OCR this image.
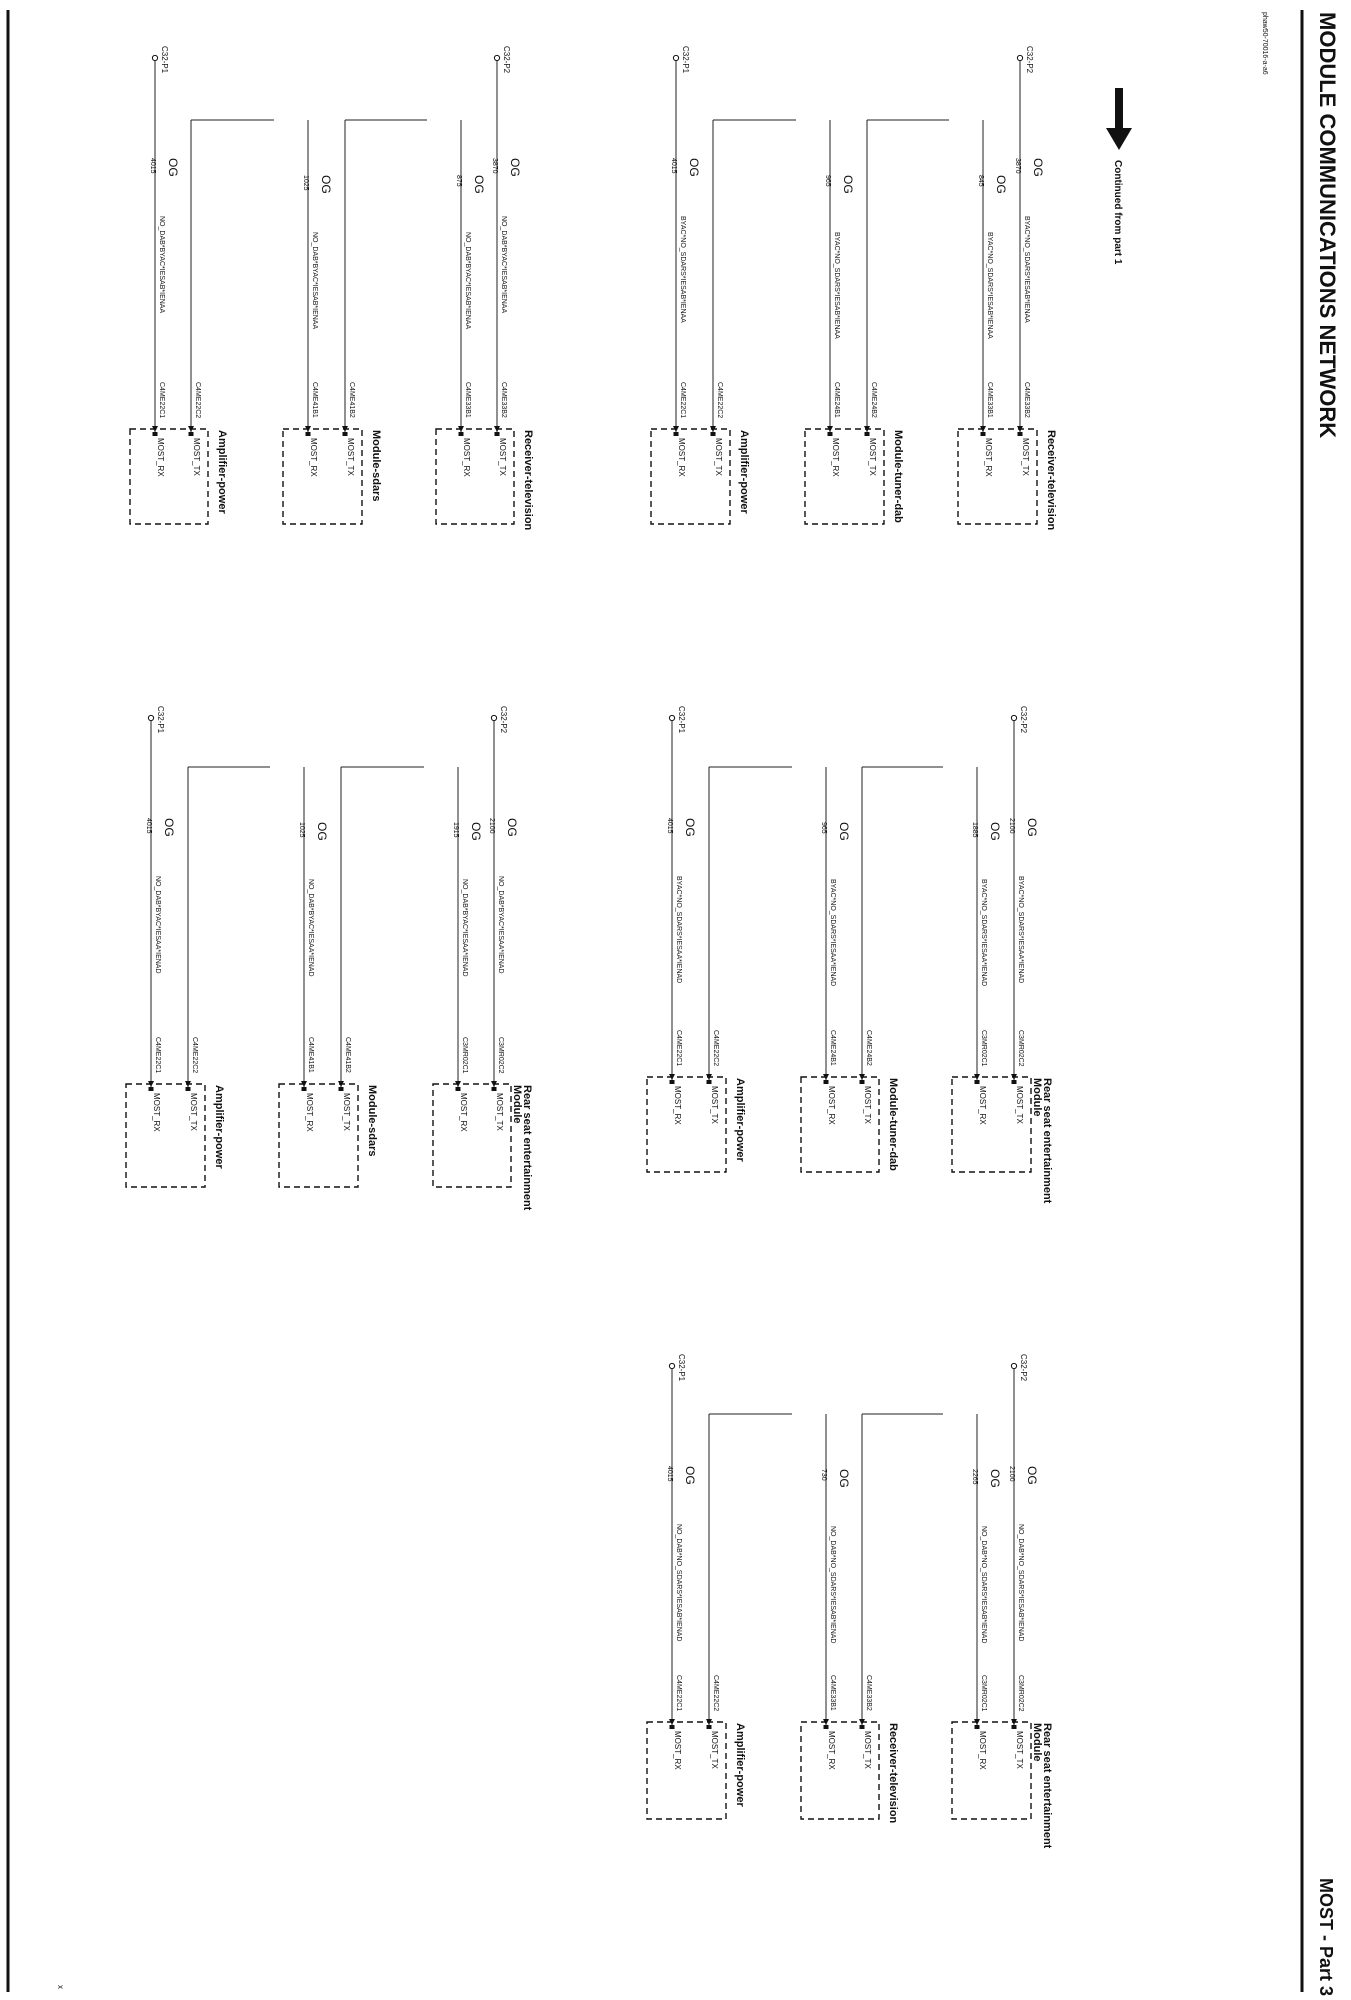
MODULE COMMUNICATIONS NETWORK
MOST - Part 3
phaw50-70016-a-a6
x
Continued from part 1
C32-P2
OG
3870
BYAC*NO_SDARS*IESAB*IENAA
C4ME33B2
MOST_TX
OG
845
BYAC*NO_SDARS*IESAB*IENAA
C4ME33B1
MOST_RX
C4ME24B2
MOST_TX
OG
965
BYAC*NO_SDARS*IESAB*IENAA
C4ME24B1
MOST_RX
C4ME22C2
MOST_TX
C32-P1
OG
4015
BYAC*NO_SDARS*IESAB*IENAA
C4ME22C1
MOST_RX	Receiver-television
Module-tuner-dab
Amplifier-power
C32-P2
OG
3870
NO_DAB*BYAC*IESAB*IENAA
C4ME33B2
MOST_TX
OG
875
NO_DAB*BYAC*IESAB*IENAA
C4ME33B1
MOST_RX
C4ME41B2
MOST_TX
OG
1025
NO_DAB*BYAC*IESAB*IENAA
C4ME41B1
MOST_RX
C4ME22C2
MOST_TX
C32-P1
OG
4015
NO_DAB*BYAC*IESAB*IENAA
C4ME22C1
MOST_RX	Receiver-television
Module-sdars
Amplifier-power
C32-P2
OG
2100
BYAC*NO_SDARS*IESAA*IENAD
C3MR02C2
MOST_TX
OG
1885
BYAC*NO_SDARS*IESAA*IENAD
C3MR02C1
MOST_RX
C4ME24B2
MOST_TX
OG
965
BYAC*NO_SDARS*IESAA*IENAD
C4ME24B1
MOST_RX
C4ME22C2
MOST_TX
C32-P1
OG
4015
BYAC*NO_SDARS*IESAA*IENAD
C4ME22C1
MOST_RX	Rear seat entertainment
Module
Module-tuner-dab
Amplifier-power
C32-P2
OG
2100
NO_DAB*BYAC*IESAA*IENAD
C3MR02C2
MOST_TX
OG
1915
NO_DAB*BYAC*IESAA*IENAD
C3MR02C1
MOST_RX
C4ME41B2
MOST_TX
OG
1025
NO_DAB*BYAC*IESAA*IENAD
C4ME41B1
MOST_RX
C4ME22C2
MOST_TX
C32-P1
OG
4015
NO_DAB*BYAC*IESAA*IENAD
C4ME22C1
MOST_RX	Rear seat entertainment
Module
Module-sdars
Amplifier-power
C32-P2
OG
2100
NO_DAB*NO_SDARS*IESAB*IENAD
C3MR02C2
MOST_TX
OG
2265
NO_DAB*NO_SDARS*IESAB*IENAD
C3MR02C1
MOST_RX
C4ME33B2
MOST_TX
OG
730
NO_DAB*NO_SDARS*IESAB*IENAD
C4ME33B1
MOST_RX
C4ME22C2
MOST_TX
C32-P1
OG
4015
NO_DAB*NO_SDARS*IESAB*IENAD
C4ME22C1
MOST_RX	Rear seat entertainment
Module
Receiver-television
Amplifier-power
